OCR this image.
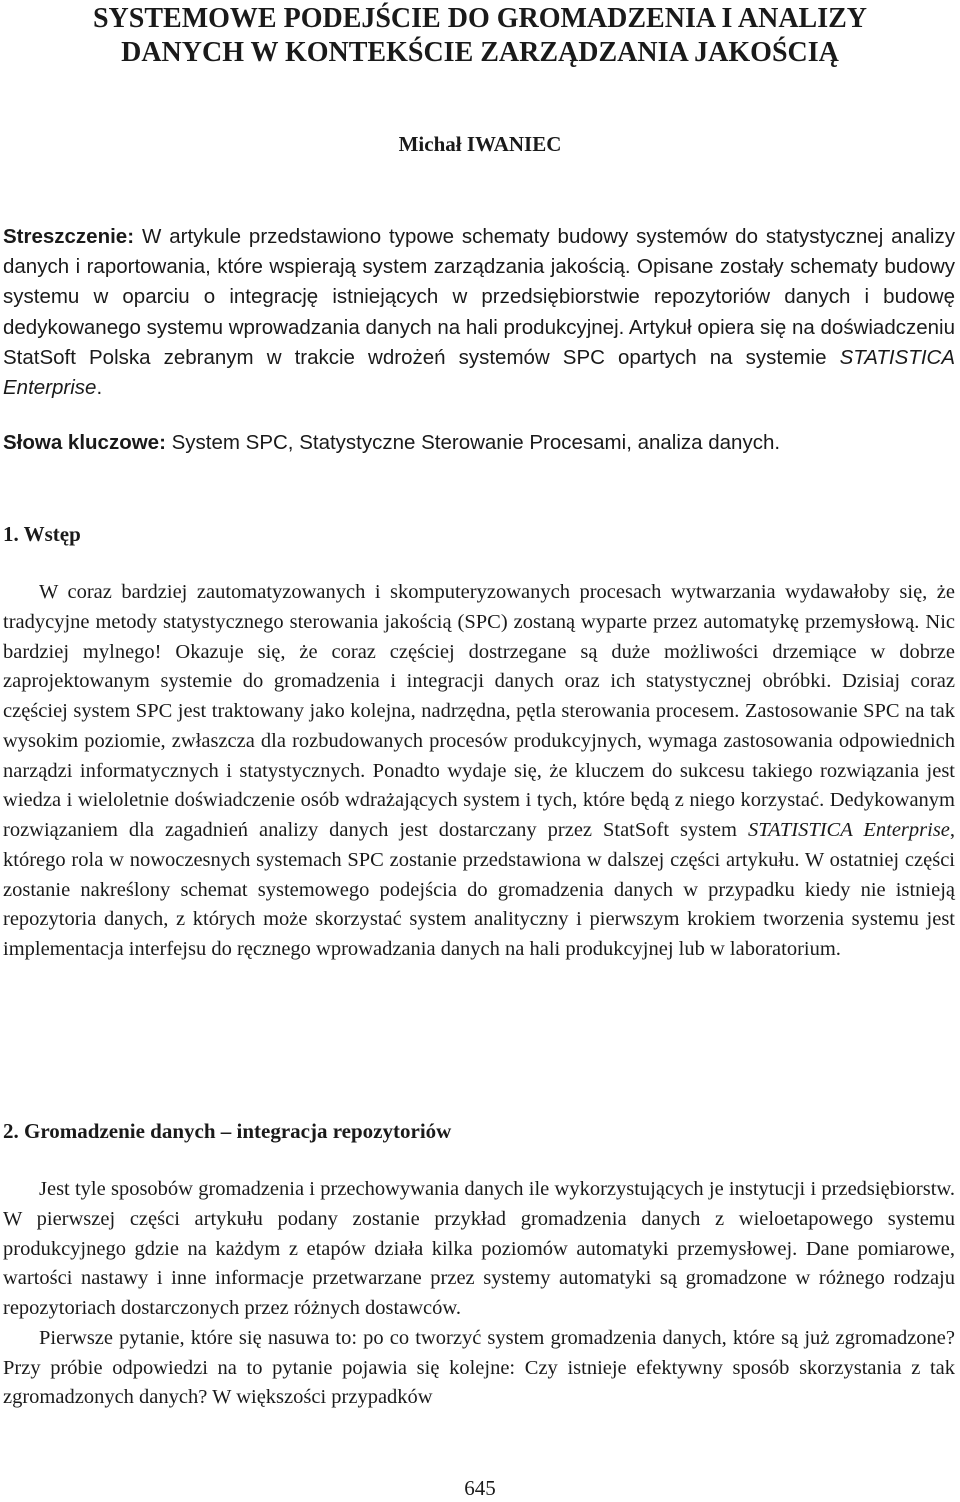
SYSTEMOWE PODEJŚCIE DO GROMADZENIA I ANALIZY
DANYCH W KONTEKŚCIE ZARZĄDZANIA JAKOŚCIĄ

Michał IWANIEC

Streszczenie: W artykule przedstawiono typowe schematy budowy systemów do statystycznej analizy danych i raportowania, które wspierają system zarządzania jakością. Opisane zostały schematy budowy systemu w oparciu o integrację istniejących w przedsiębiorstwie repozytoriów danych i budowę dedykowanego systemu wprowadzania danych na hali produkcyjnej. Artykuł opiera się na doświadczeniu StatSoft Polska zebranym w trakcie wdrożeń systemów SPC opartych na systemie STATISTICA Enterprise.

Słowa kluczowe: System SPC, Statystyczne Sterowanie Procesami, analiza danych.

1. Wstęp

W coraz bardziej zautomatyzowanych i skomputeryzowanych procesach wytwarzania wydawałoby się, że tradycyjne metody statystycznego sterowania jakością (SPC) zostaną wyparte przez automatykę przemysłową. Nic bardziej mylnego! Okazuje się, że coraz częściej dostrzegane są duże możliwości drzemiące w dobrze zaprojektowanym systemie do gromadzenia i integracji danych oraz ich statystycznej obróbki. Dzisiaj coraz częściej system SPC jest traktowany jako kolejna, nadrzędna, pętla sterowania procesem. Zastosowanie SPC na tak wysokim poziomie, zwłaszcza dla rozbudowanych procesów produkcyjnych, wymaga zastosowania odpowiednich narządzi informatycznych i statystycznych. Ponadto wydaje się, że kluczem do sukcesu takiego rozwiązania jest wiedza i wieloletnie doświadczenie osób wdrażających system i tych, które będą z niego korzystać. Dedykowanym rozwiązaniem dla zagadnień analizy danych jest dostarczany przez StatSoft system STATISTICA Enterprise, którego rola w nowoczesnych systemach SPC zostanie przedstawiona w dalszej części artykułu. W ostatniej części zostanie nakreślony schemat systemowego podejścia do gromadzenia danych w przypadku kiedy nie istnieją repozytoria danych, z których może skorzystać system analityczny i pierwszym krokiem tworzenia systemu jest implementacja interfejsu do ręcznego wprowadzania danych na hali produkcyjnej lub w laboratorium.

2. Gromadzenie danych – integracja repozytoriów

Jest tyle sposobów gromadzenia i przechowywania danych ile wykorzystujących je instytucji i przedsiębiorstw. W pierwszej części artykułu podany zostanie przykład gromadzenia danych z wieloetapowego systemu produkcyjnego gdzie na każdym z etapów działa kilka poziomów automatyki przemysłowej. Dane pomiarowe, wartości nastawy i inne informacje przetwarzane przez systemy automatyki są gromadzone w różnego rodzaju repozytoriach dostarczonych przez różnych dostawców.

Pierwsze pytanie, które się nasuwa to: po co tworzyć system gromadzenia danych, które są już zgromadzone? Przy próbie odpowiedzi na to pytanie pojawia się kolejne: Czy istnieje efektywny sposób skorzystania z tak zgromadzonych danych? W większości przypadków

645
